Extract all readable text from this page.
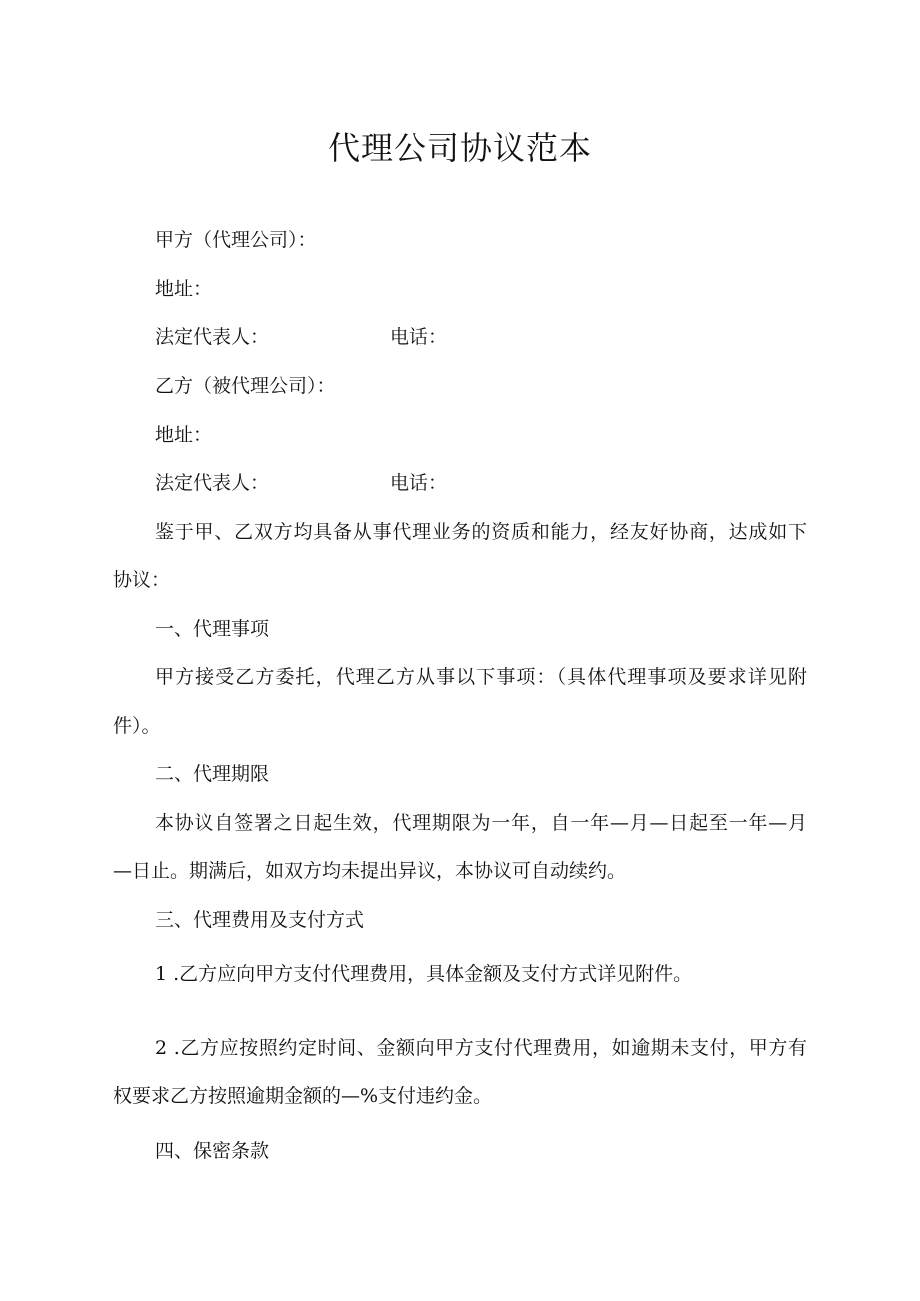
代理公司协议范本
甲方（代理公司）：
地址：
法定代表人：	电话：
乙方（被代理公司）：
地址：
法定代表人：	电话：
鉴于甲、乙双方均具备从事代理业务的资质和能力，经友好协商，达成如下
协议：
一、代理事项
甲方接受乙方委托，代理乙方从事以下事项：（具体代理事项及要求详见附
件）。
二、代理期限
本协议自签署之日起生效，代理期限为一年，自一年—月—日起至一年—月
—日止。期满后，如双方均未提出异议，本协议可自动续约。
三、代理费用及支付方式
1 .乙方应向甲方支付代理费用，具体金额及支付方式详见附件。
2 .乙方应按照约定时间、金额向甲方支付代理费用，如逾期未支付，甲方有
权要求乙方按照逾期金额的—%支付违约金。
四、保密条款
